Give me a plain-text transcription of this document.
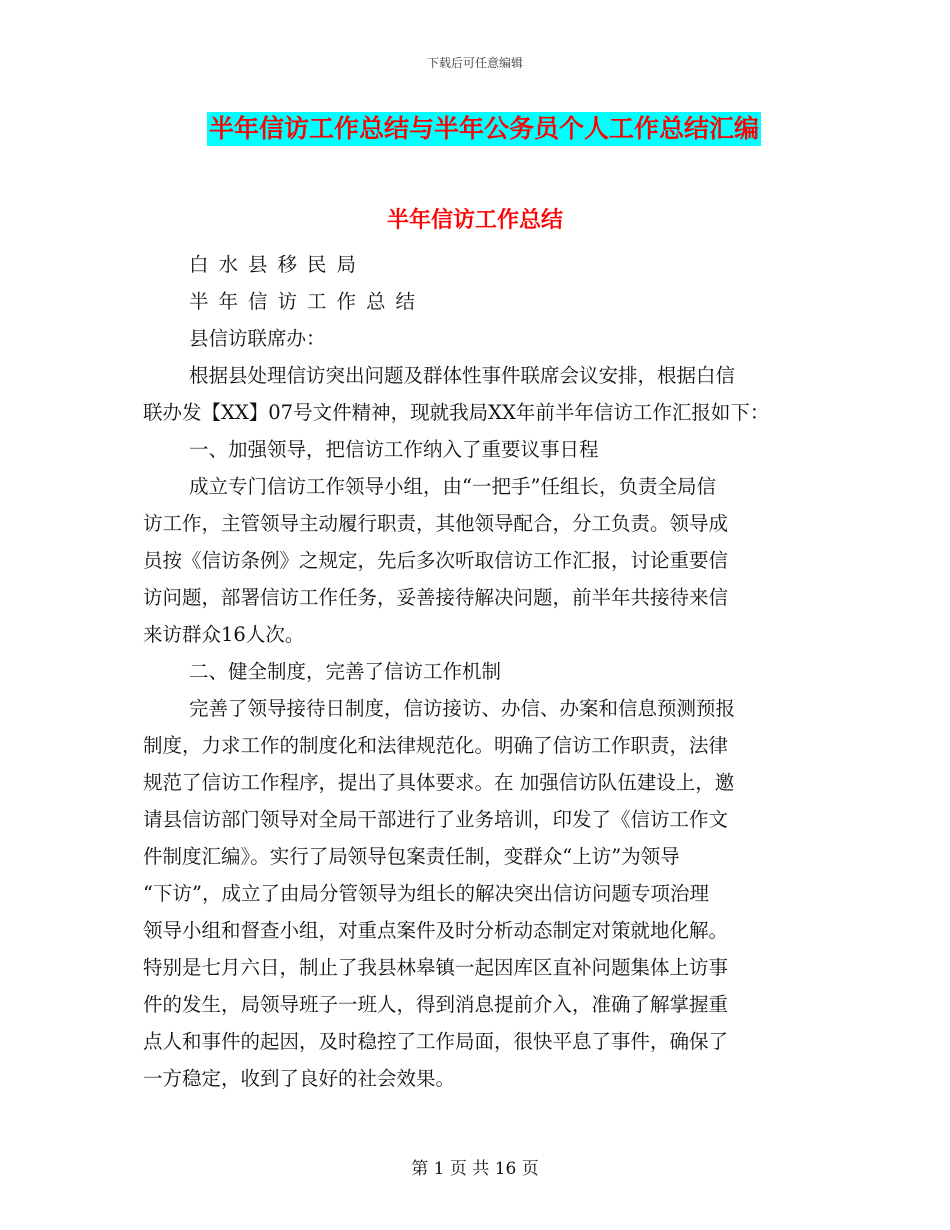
下载后可任意编辑
半年信访工作总结与半年公务员个人工作总结汇编
半年信访工作总结
白水县移民局
半年信访工作总结
县信访联席办：
根据县处理信访突出问题及群体性事件联席会议安排，根据白信
联办发【XX】07号文件精神，现就我局XX年前半年信访工作汇报如下：
一、加强领导，把信访工作纳入了重要议事日程
成立专门信访工作领导小组，由“一把手”任组长，负责全局信
访工作，主管领导主动履行职责，其他领导配合，分工负责。领导成
员按《信访条例》之规定，先后多次听取信访工作汇报，讨论重要信
访问题，部署信访工作任务，妥善接待解决问题，前半年共接待来信
来访群众16人次。
二、健全制度，完善了信访工作机制
完善了领导接待日制度，信访接访、办信、办案和信息预测预报
制度，力求工作的制度化和法律规范化。明确了信访工作职责，法律
规范了信访工作程序，提出了具体要求。在 加强信访队伍建设上，邀
请县信访部门领导对全局干部进行了业务培训，印发了《信访工作文
件制度汇编》。实行了局领导包案责任制，变群众“上访”为领导
“下访”，成立了由局分管领导为组长的解决突出信访问题专项治理
领导小组和督查小组，对重点案件及时分析动态制定对策就地化解。
特别是七月六日，制止了我县林皋镇一起因库区直补问题集体上访事
件的发生，局领导班子一班人，得到消息提前介入，准确了解掌握重
点人和事件的起因，及时稳控了工作局面，很快平息了事件，确保了
一方稳定，收到了良好的社会效果。
第 1 页 共 16 页
